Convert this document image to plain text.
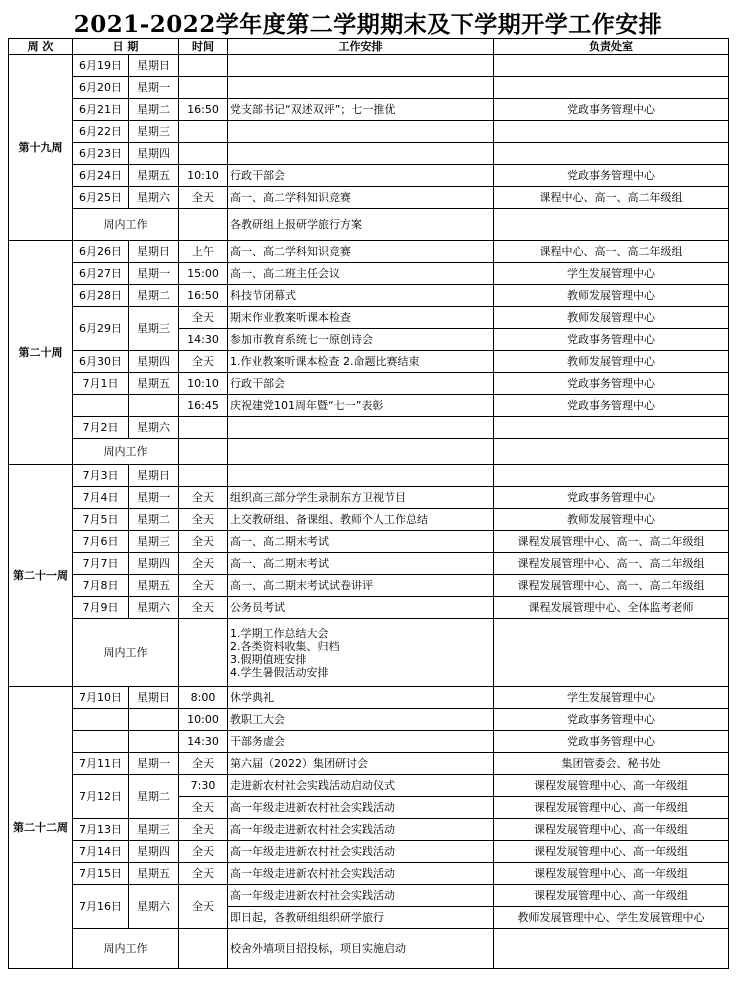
2021-2022学年度第二学期期末及下学期开学工作安排
周 次	日 期		时间	工作安排	负责处室
第十九周	6月19日	星期日			
	6月20日	星期一			
	6月21日	星期二	16:50	党支部书记“双述双评”；七一推优	党政事务管理中心
	6月22日	星期三			
	6月23日	星期四			
	6月24日	星期五	10:10	行政干部会	党政事务管理中心
	6月25日	星期六	全天	高一、高二学科知识竞赛	课程中心、高一、高二年级组
	周内工作			各教研组上报研学旅行方案	
第二十周	6月26日	星期日	上午	高一、高二学科知识竞赛	课程中心、高一、高二年级组
	6月27日	星期一	15:00	高一、高二班主任会议	学生发展管理中心
	6月28日	星期二	16:50	科技节闭幕式	教师发展管理中心
	6月29日	星期三	全天	期末作业教案听课本检查	教师发展管理中心
			14:30	参加市教育系统七一原创诗会	党政事务管理中心
	6月30日	星期四	全天	1.作业教案听课本检查 2.命题比赛结束	教师发展管理中心
	7月1日	星期五	10:10	行政干部会	党政事务管理中心
			16:45	庆祝建党101周年暨“七一”表彰	党政事务管理中心
	7月2日	星期六			
	周内工作				
第二十一周	7月3日	星期日			
	7月4日	星期一	全天	组织高三部分学生录制东方卫视节目	党政事务管理中心
	7月5日	星期二	全天	上交教研组、备课组、教师个人工作总结	教师发展管理中心
	7月6日	星期三	全天	高一、高二期末考试	课程发展管理中心、高一、高二年级组
	7月7日	星期四	全天	高一、高二期末考试	课程发展管理中心、高一、高二年级组
	7月8日	星期五	全天	高一、高二期末考试试卷讲评	课程发展管理中心、高一、高二年级组
	7月9日	星期六	全天	公务员考试	课程发展管理中心、全体监考老师
	周内工作			1.学期工作总结大会
2.各类资料收集、归档
3.假期值班安排
4.学生暑假活动安排	

第二十二周	7月10日	星期日	8:00	休学典礼	学生发展管理中心
			10:00	教职工大会	党政事务管理中心
			14:30	干部务虚会	党政事务管理中心
	7月11日	星期一	全天	第六届（2022）集团研讨会	集团管委会、秘书处
	7月12日	星期二	7:30	走进新农村社会实践活动启动仪式	课程发展管理中心、高一年级组
			全天	高一年级走进新农村社会实践活动	课程发展管理中心、高一年级组
	7月13日	星期三	全天	高一年级走进新农村社会实践活动	课程发展管理中心、高一年级组
	7月14日	星期四	全天	高一年级走进新农村社会实践活动	课程发展管理中心、高一年级组
	7月15日	星期五	全天	高一年级走进新农村社会实践活动	课程发展管理中心、高一年级组
	7月16日	星期六	全天	高一年级走进新农村社会实践活动	课程发展管理中心、高一年级组
				即日起，各教研组组织研学旅行	教师发展管理中心、学生发展管理中心
	周内工作			校舍外墙项目招投标，项目实施启动	
